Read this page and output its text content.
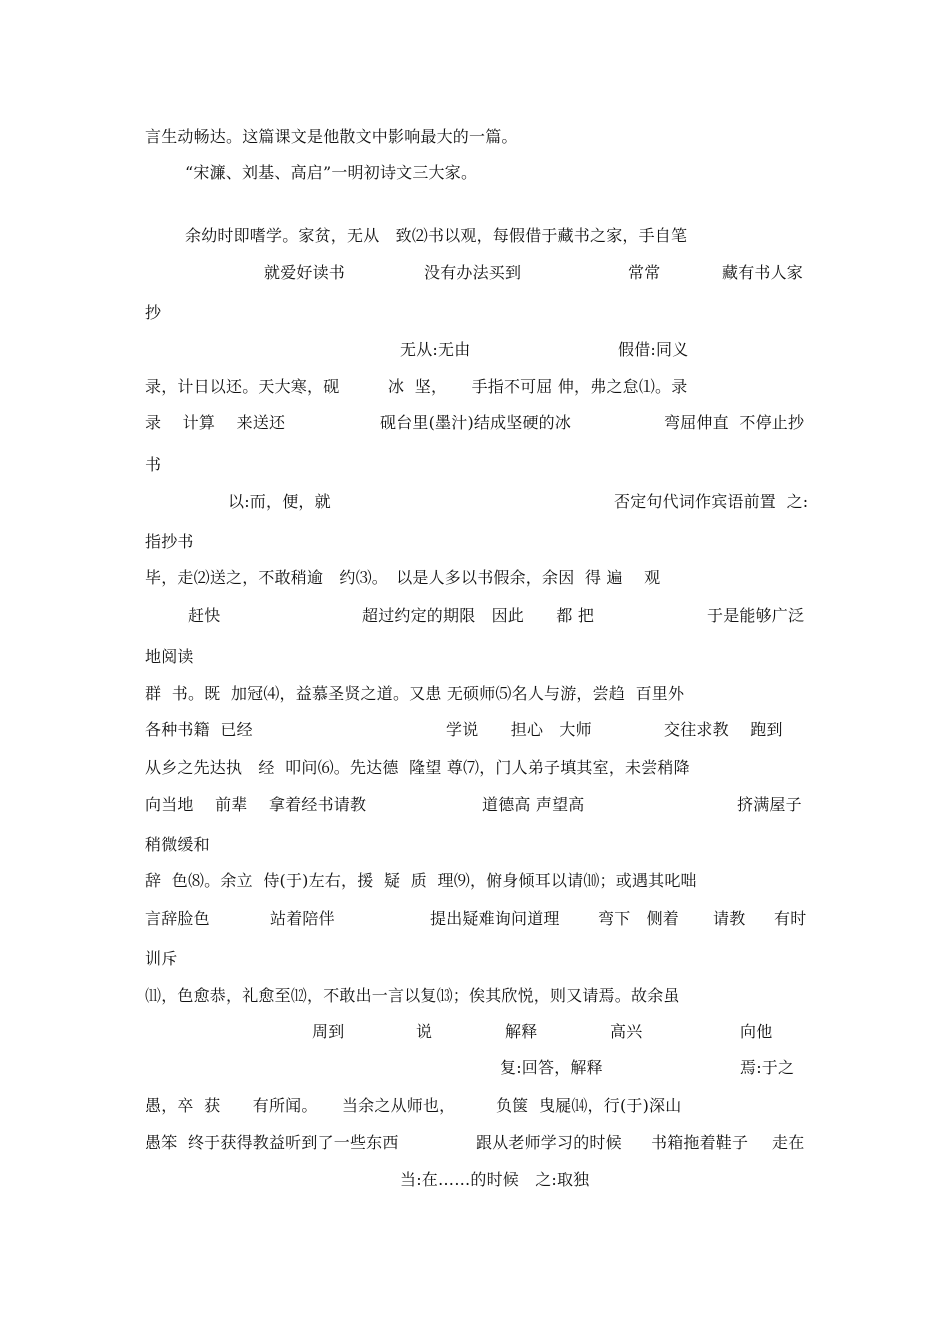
言生动畅达。这篇课文是他散文中影响最大的一篇。
“宋濂、刘基、高启”一明初诗文三大家。
余幼时即嗜学。家贫，无从　致⑵书以观，每假借于藏书之家，手自笔
就爱好读书	没有办法买到	常常	藏有书人家
抄
无从:无由	假借:同义
录，计日以还。天大寒，砚　　　冰  坚，　　手指不可屈 伸，弗之怠⑴。录
录　 计算　 来送还	砚台里(墨汁)结成坚硬的冰	弯屈伸直  不停止抄
书
以:而，便，就	否定句代词作宾语前置  之:
指抄书
毕，走⑵送之，不敢稍逾　约⑶。　以是人多以书假余，余因  得 遍　 观
赶快	超过约定的期限　因此　　都 把	于是能够广泛
地阅读
群  书。既  加冠⑷，益慕圣贤之道。又患 无硕师⑸名人与游，尝趋  百里外
各种书籍  已经	学说　　担心　大师	交往求教　 跑到
从乡之先达执　经  叩问⑹。先达德  隆望 尊⑺，门人弟子填其室，未尝稍降
向当地　 前辈　 拿着经书请教	道德高 声望高	挤满屋子
稍微缓和
辞  色⑻。余立  侍(于)左右，援  疑  质  理⑼，俯身倾耳以请⑽；或遇其叱咄
言辞脸色	站着陪伴	提出疑难询问道理 弯下　侧着 请教 有时
训斥
⑾，色愈恭，礼愈至⑿，不敢出一言以复⒀；俟其欣悦，则又请焉。故余虽
周到	说	解释	高兴	向他
复:回答，解释	焉:于之
愚，卒  获　　有所闻。　　当余之从师也，　　　负箧  曳屣⒁，行(于)深山
愚笨  终于获得教益听到了一些东西	跟从老师学习的时候 书箱拖着鞋子 走在
当:在……的时候　之:取独
